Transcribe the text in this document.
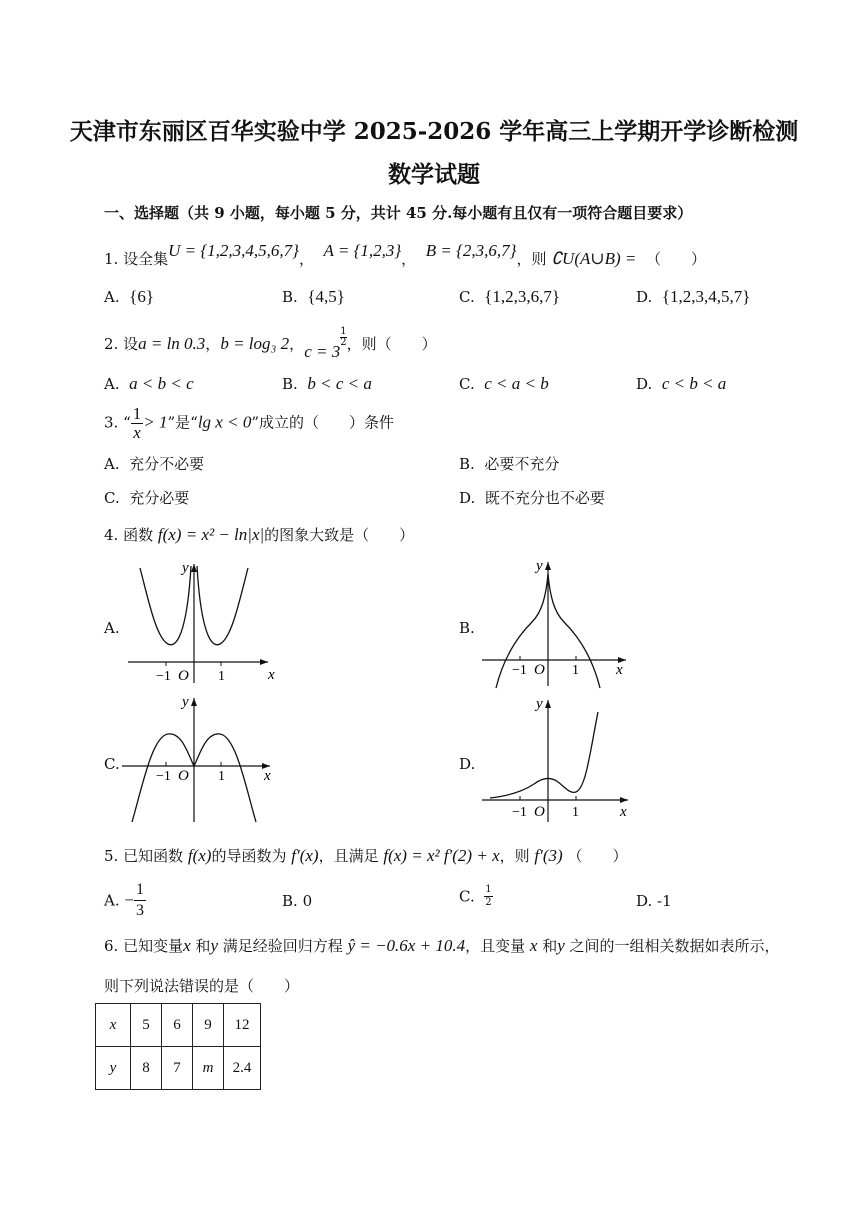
天津市东丽区百华实验中学 2025-2026 学年高三上学期开学诊断检测
数学试题
一、选择题（共 9 小题，每小题 5 分，共计 45 分.每小题有且仅有一项符合题目要求）
1. 设全集U = {1,2,3,4,5,6,7}， A = {1,2,3}， B = {2,3,6,7}，则 ∁U(A∪B) = （　　）
A. {6}	B. {4,5}	C. {1,2,3,6,7}	D. {1,2,3,4,5,7}
2. 设a = ln 0.3，b = log₃ 2，c = 3
$\frac{1}{2}$ ，则（　　）
A. a < b < c	B. b < c < a	C. c < a < b	D. c < b < a
3. “ $\frac{1}{x} > 1$”是“lg x < 0”成立的（　　）条件
A. 充分不必要	B. 必要不充分
C. 充分必要	D. 既不充分也不必要
4. 函数 f(x) = x² − ln|x|的图象大致是（　　）
A.
x
y
−1 O 1
B.
x
y
−1 O 1
C.
x
y
−1 O 1
D.
x
y
−1 O 1
5. 已知函数 f(x)的导函数为 f′(x)，且满足 f(x) = x² f′(2) + x，则 f′(3) （　　）
A. − $\frac{1}{3}$	B. 0	C. $\frac{1}{2}$	D. -1
6. 已知变量x 和y 满足经验回归方程 ŷ = −0.6x + 10.4，且变量 x 和y 之间的一组相关数据如表所示，
则下列说法错误的是（　　）
x	5	6	9	12
y	8	7	m	2.4
